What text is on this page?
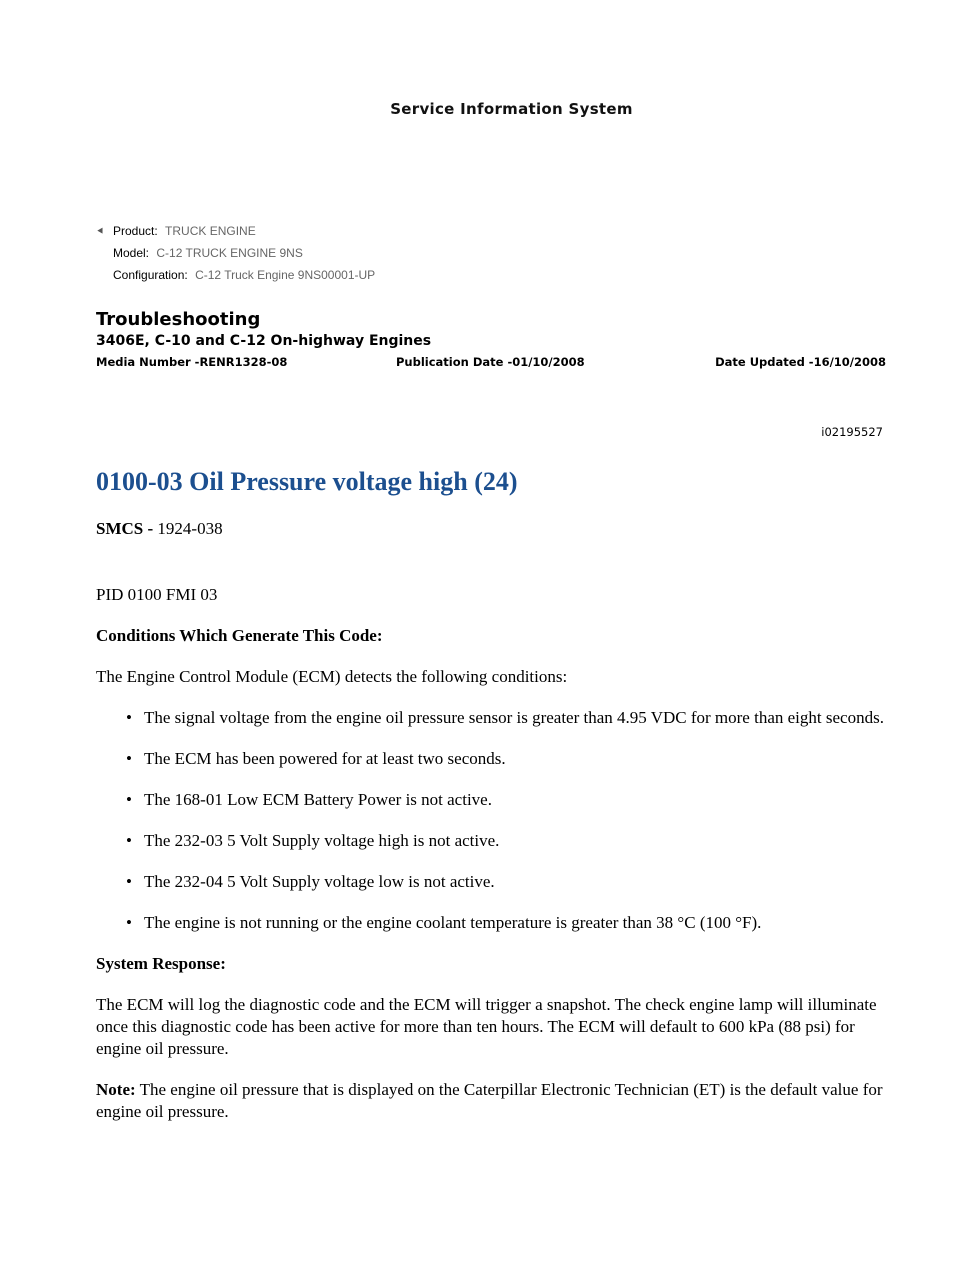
Service Information System
⯇ Product: TRUCK ENGINE
Model: C-12 TRUCK ENGINE 9NS
Configuration: C-12 Truck Engine 9NS00001-UP
Troubleshooting
3406E, C-10 and C-12 On-highway Engines
Media Number -RENR1328-08	Publication Date -01/10/2008	Date Updated -16/10/2008
i02195527
0100-03 Oil Pressure voltage high (24)

SMCS - 1924-038

PID 0100 FMI 03

Conditions Which Generate This Code:

The Engine Control Module (ECM) detects the following conditions:

• The signal voltage from the engine oil pressure sensor is greater than 4.95 VDC for more than eight seconds.
• The ECM has been powered for at least two seconds.
• The 168-01 Low ECM Battery Power is not active.
• The 232-03 5 Volt Supply voltage high is not active.
• The 232-04 5 Volt Supply voltage low is not active.
• The engine is not running or the engine coolant temperature is greater than 38 °C (100 °F).

System Response:

The ECM will log the diagnostic code and the ECM will trigger a snapshot. The check engine lamp will illuminate once this diagnostic code has been active for more than ten hours. The ECM will default to 600 kPa (88 psi) for engine oil pressure.

Note: The engine oil pressure that is displayed on the Caterpillar Electronic Technician (ET) is the default value for engine oil pressure.
